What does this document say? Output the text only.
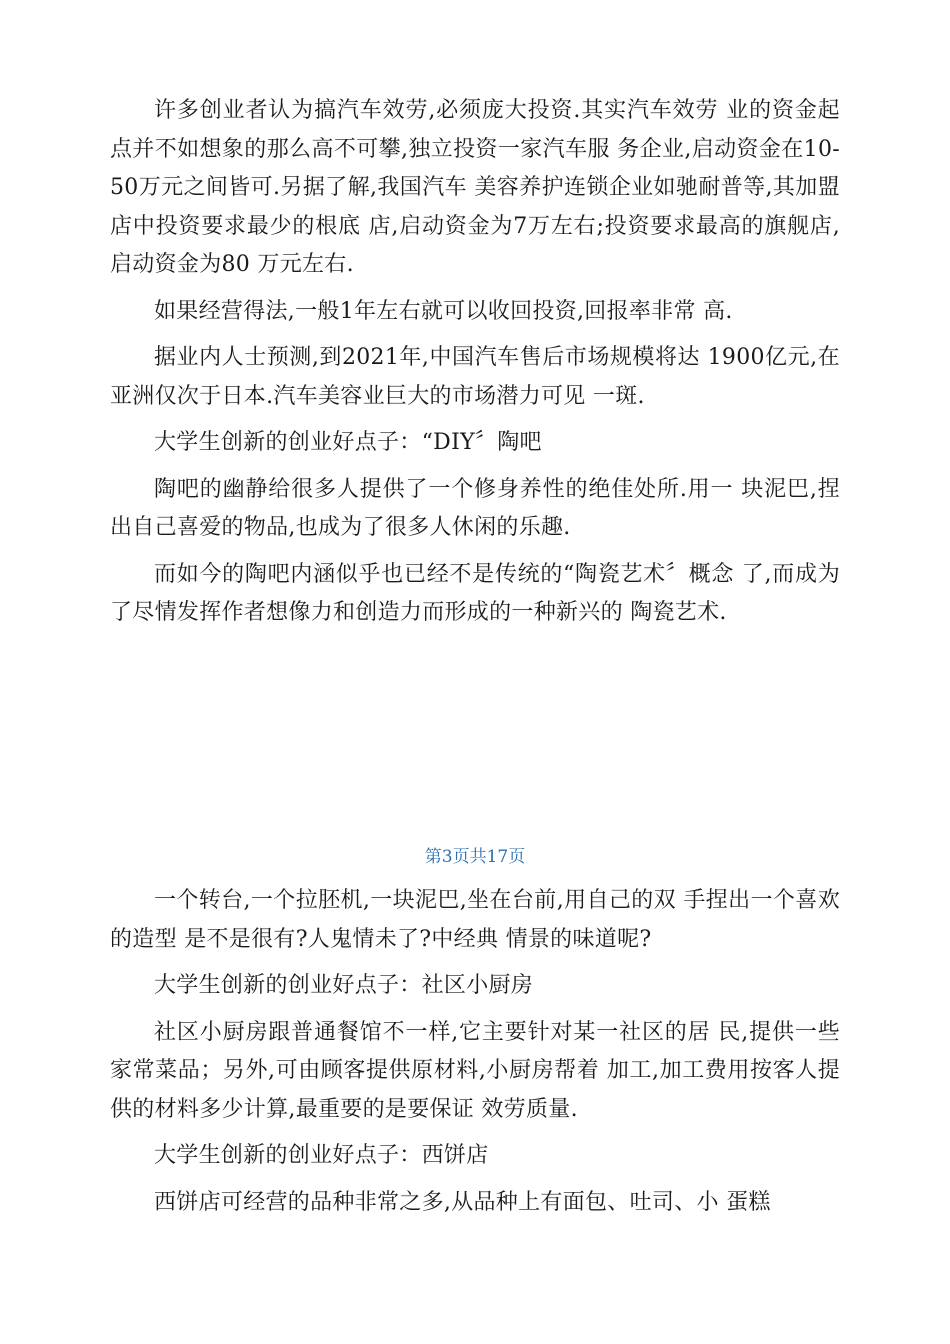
许多创业者认为搞汽车效劳,必须庞大投资.其实汽车效劳 业的资金起点并不如想象的那么高不可攀,独立投资一家汽车服 务企业,启动资金在10-50万元之间皆可.另据了解,我国汽车 美容养护连锁企业如驰耐普等,其加盟店中投资要求最少的根底 店,启动资金为7万左右;投资要求最高的旗舰店,启动资金为80 万元左右.

如果经营得法,一般1年左右就可以收回投资,回报率非常 高.

据业内人士预测,到2021年,中国汽车售后市场规模将达 1900亿元,在亚洲仅次于日本.汽车美容业巨大的市场潜力可见 一斑.

大学生创新的创业好点子：“DIY〞陶吧

陶吧的幽静给很多人提供了一个修身养性的绝佳处所.用一 块泥巴,捏出自己喜爱的物品,也成为了很多人休闲的乐趣.

而如今的陶吧内涵似乎也已经不是传统的“陶瓷艺术〞概念 了,而成为了尽情发挥作者想像力和创造力而形成的一种新兴的 陶瓷艺术.

第3页共17页

一个转台,一个拉胚机,一块泥巴,坐在台前,用自己的双 手捏出一个喜欢的造型 是不是很有?人鬼情未了?中经典 情景的味道呢?

大学生创新的创业好点子：社区小厨房

社区小厨房跟普通餐馆不一样,它主要针对某一社区的居 民,提供一些家常菜品；另外,可由顾客提供原材料,小厨房帮着 加工,加工费用按客人提供的材料多少计算,最重要的是要保证 效劳质量.

大学生创新的创业好点子：西饼店

西饼店可经营的品种非常之多,从品种上有面包、吐司、小 蛋糕
